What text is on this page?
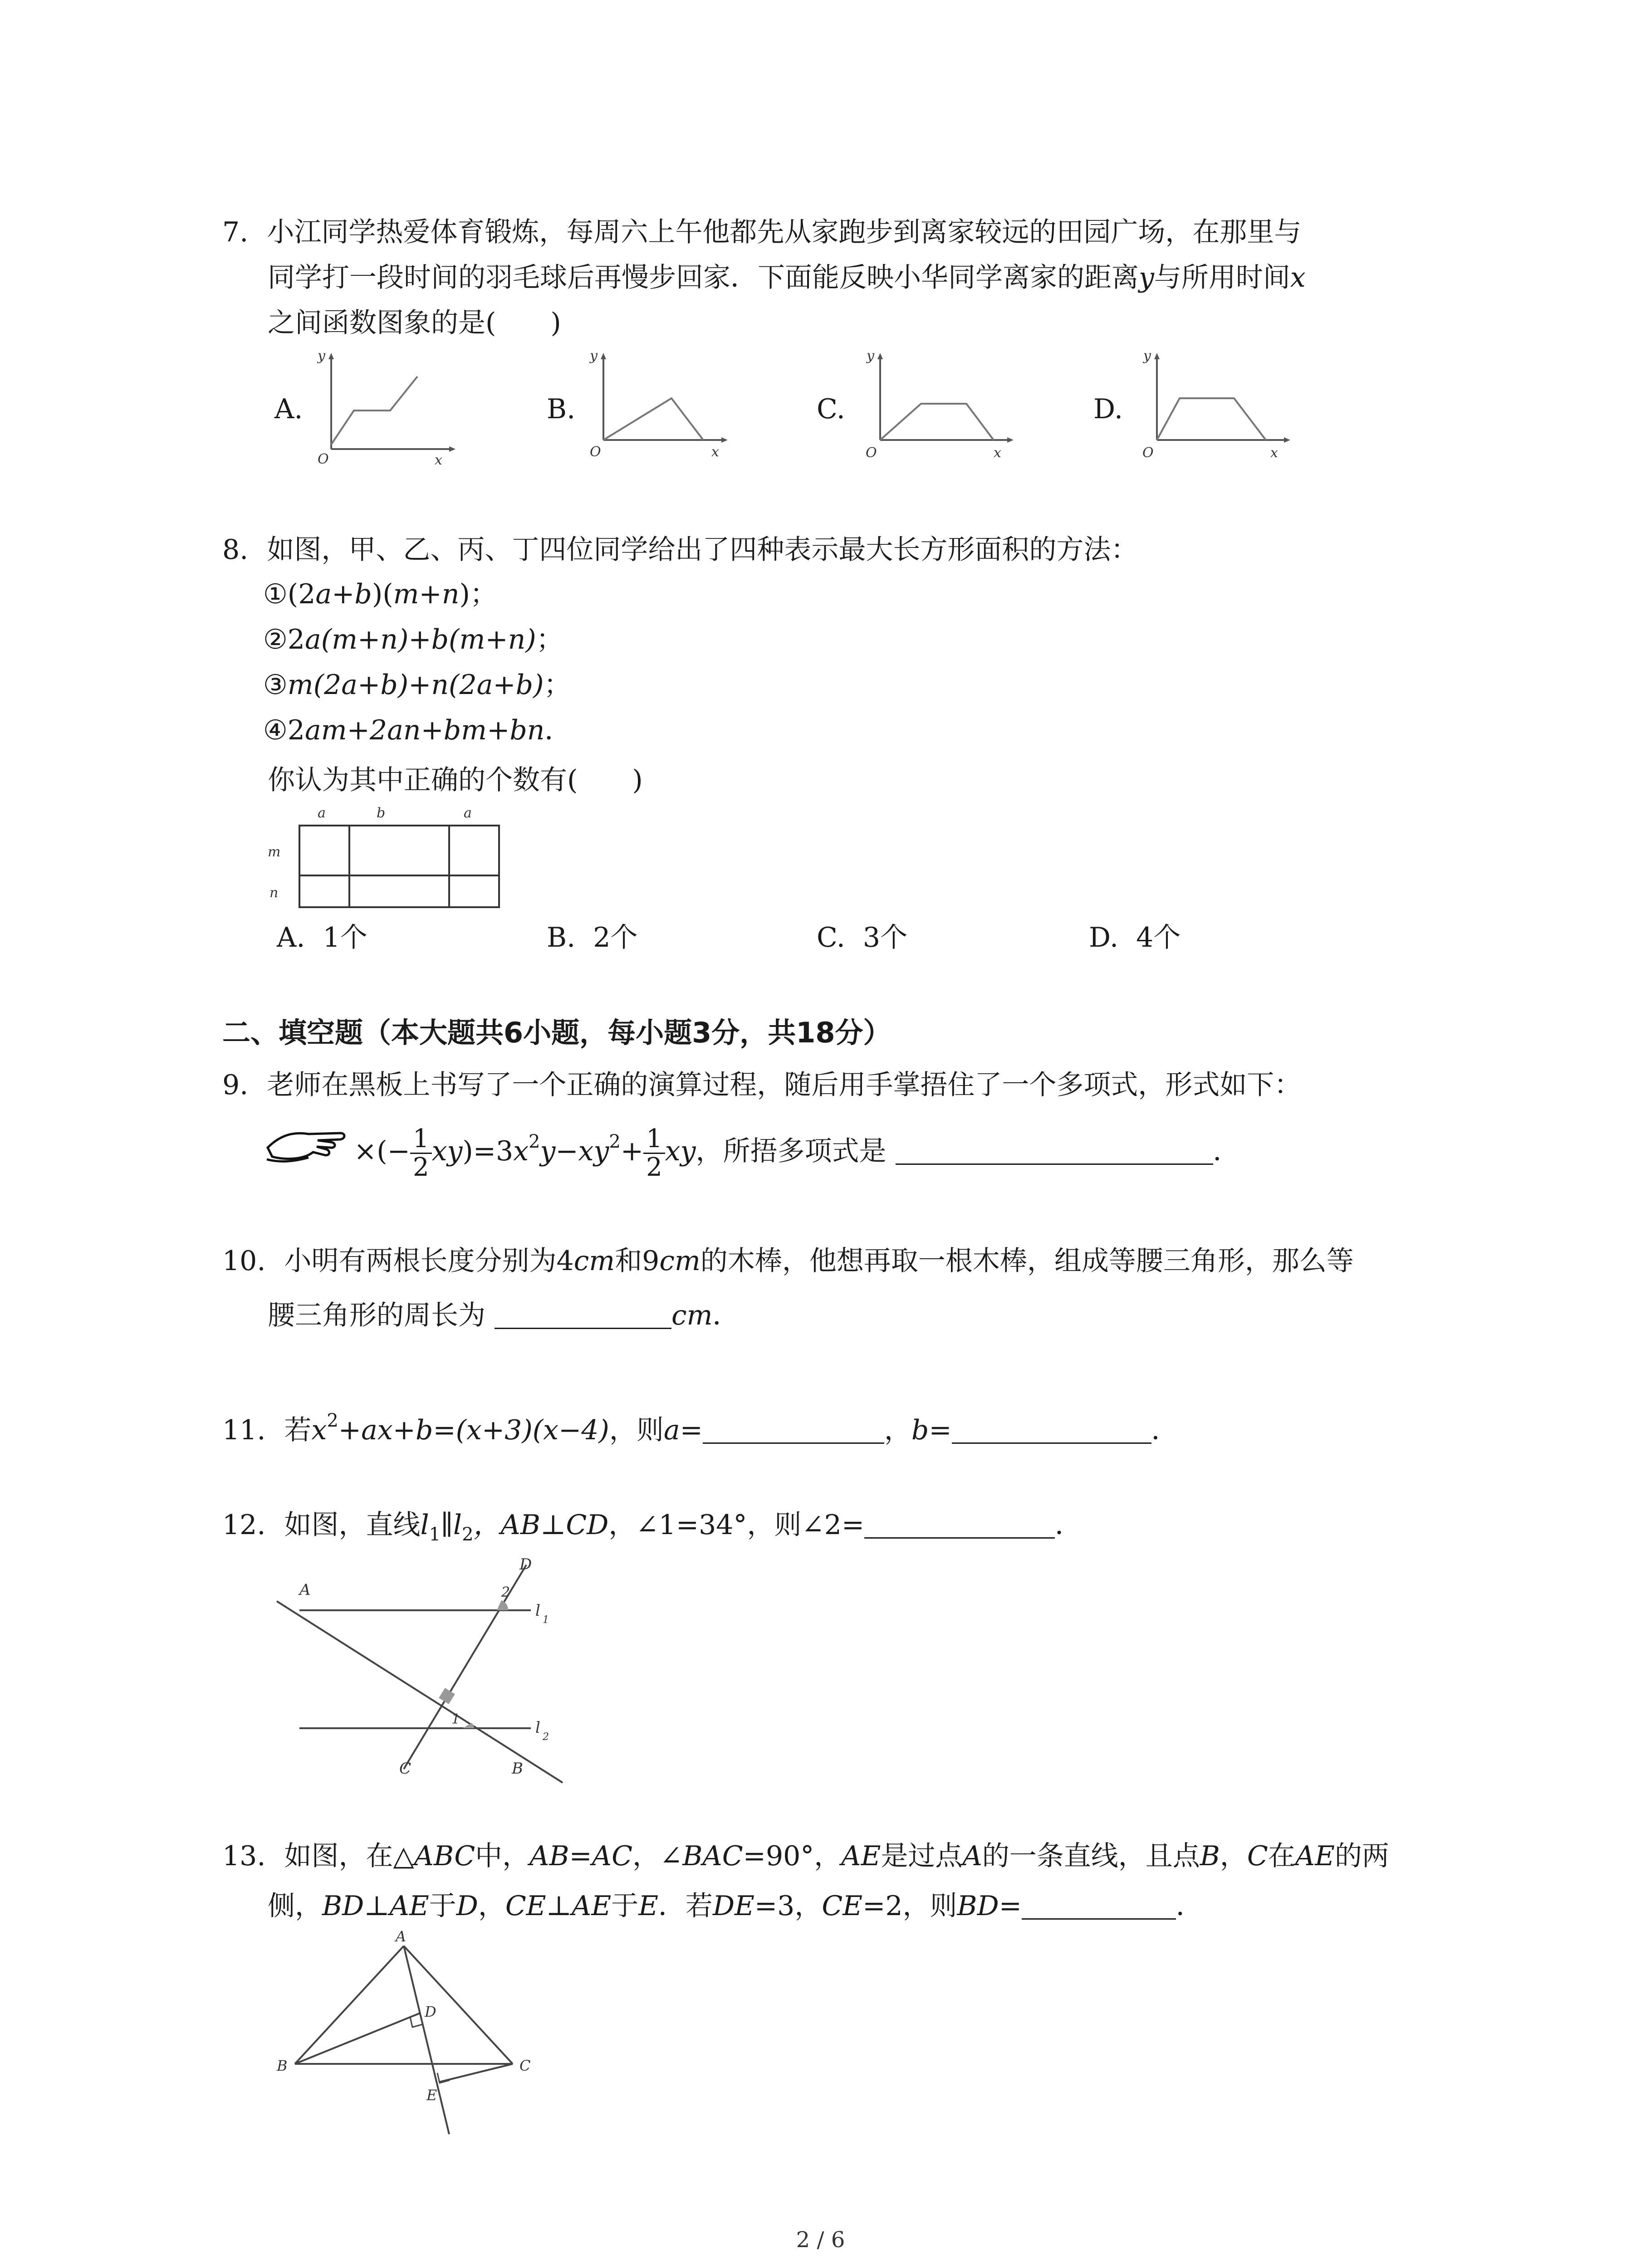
7. 小江同学热爱体育锻炼，每周六上午他都先从家跑步到离家较远的田园广场，在那里与
同学打一段时间的羽毛球后再慢步回家．下面能反映小华同学离家的距离y与所用时间x
之间函数图象的是(　　)
A.
y
O	x
B.
y
O	x
C.
y
O	x
D.
y
O	x
8. 如图，甲、乙、丙、丁四位同学给出了四种表示最大长方形面积的方法：
①(2a+b)(m+n)；
②2a(m+n)+b(m+n)；
③m(2a+b)+n(2a+b)；
④2am+2an+bm+bn．
你认为其中正确的个数有(　　)
a	b	a
m
n
A. 1个	B. 2个	C. 3个	D. 4个
二、填空题（本大题共6小题，每小题3分，共18分）
9. 老师在黑板上书写了一个正确的演算过程，随后用手掌捂住了一个多项式，形式如下：
×(− $\frac{1}{2} xy)=3x^2y-xy^2+ \frac{1}{2}$ xy，所捂多项式是	．
10. 小明有两根长度分别为4cm和9cm的木棒，他想再取一根木棒，组成等腰三角形，那么等
腰三角形的周长为	cm．
11. 若$x^2+ax+b=(x+3)(x-4)$，则a=	，b=	．
12. 如图，直线$l_1\parallel l_2$，AB⊥CD，∠1=34°，则∠2=	．
A
D
2
1
l
1
l
2
C	B
13. 如图，在△ABC中，AB=AC，∠BAC=90°，AE是过点A的一条直线，且点B，C在AE的两
侧，BD⊥AE于D，CE⊥AE于E．若DE=3，CE=2，则BD=	．
A
B	C
D
E
2 / 6
